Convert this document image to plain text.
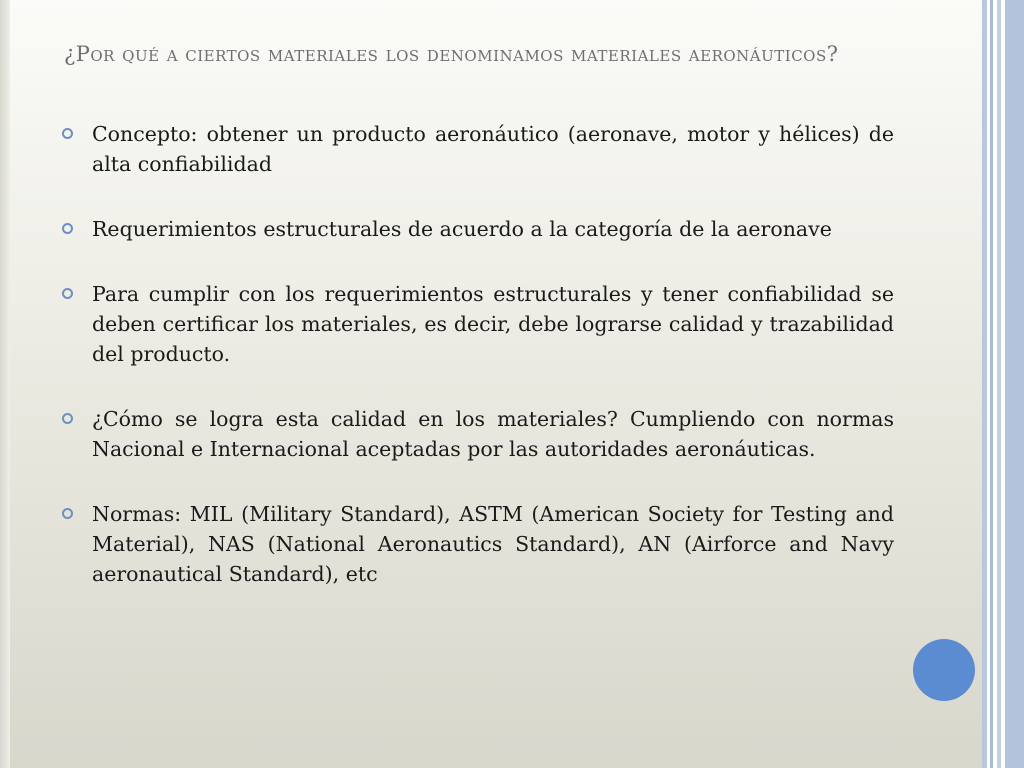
¿Por qué a ciertos materiales los denominamos materiales aeronáuticos?
Concepto: obtener un producto aeronáutico (aeronave, motor y hélices) de alta confiabilidad
Requerimientos estructurales de acuerdo a la categoría de la aeronave
Para cumplir con los requerimientos estructurales y tener confiabilidad se deben certificar los materiales, es decir, debe lograrse calidad y trazabilidad del producto.
¿Cómo se logra esta calidad en los materiales? Cumpliendo con normas Nacional e Internacional aceptadas por las autoridades aeronáuticas.
Normas: MIL (Military Standard), ASTM (American Society for Testing and Material), NAS (National Aeronautics Standard), AN (Airforce and Navy aeronautical Standard), etc
